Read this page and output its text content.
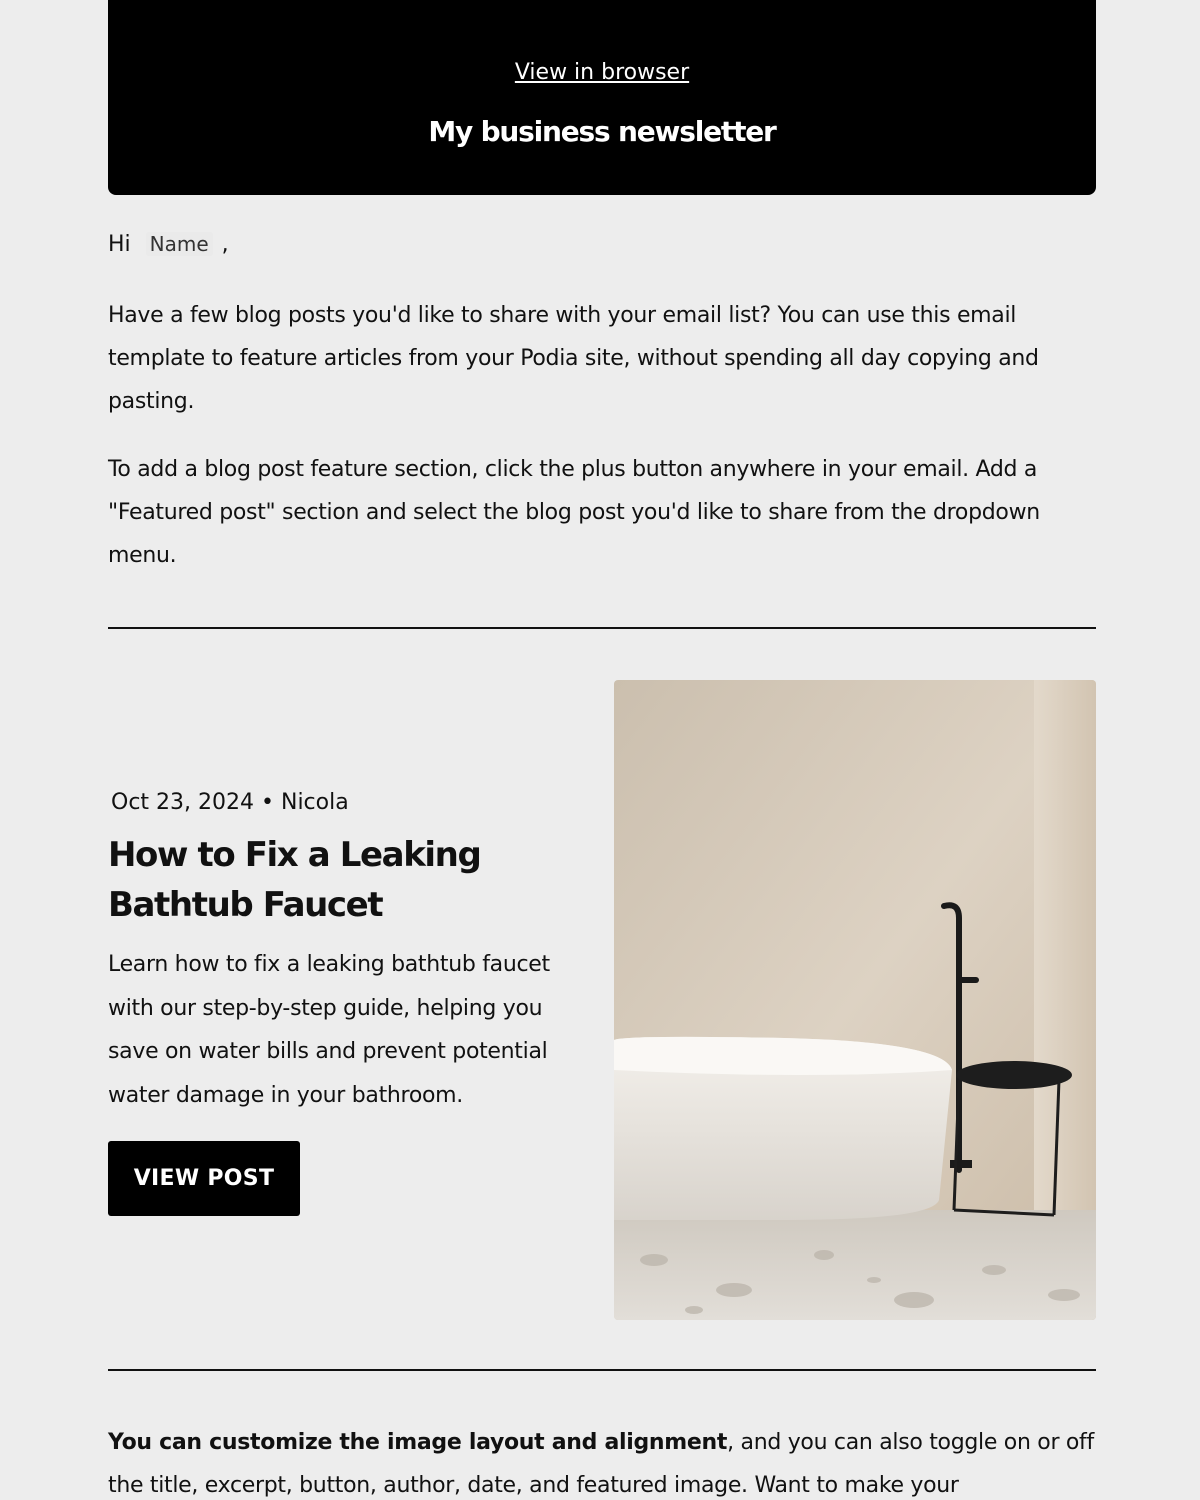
View in browser
My business newsletter
Hi Name ,

Have a few blog posts you'd like to share with your email list? You can use this email template to feature articles from your Podia site, without spending all day copying and pasting.

To add a blog post feature section, click the plus button anywhere in your email. Add a "Featured post" section and select the blog post you'd like to share from the dropdown menu.

Oct 23, 2024 • Nicola
How to Fix a Leaking Bathtub Faucet

Learn how to fix a leaking bathtub faucet with our step-by-step guide, helping you save on water bills and prevent potential water damage in your bathroom.

VIEW POST

You can customize the image layout and alignment, and you can also toggle on or off the title, excerpt, button, author, date, and featured image. Want to make your
